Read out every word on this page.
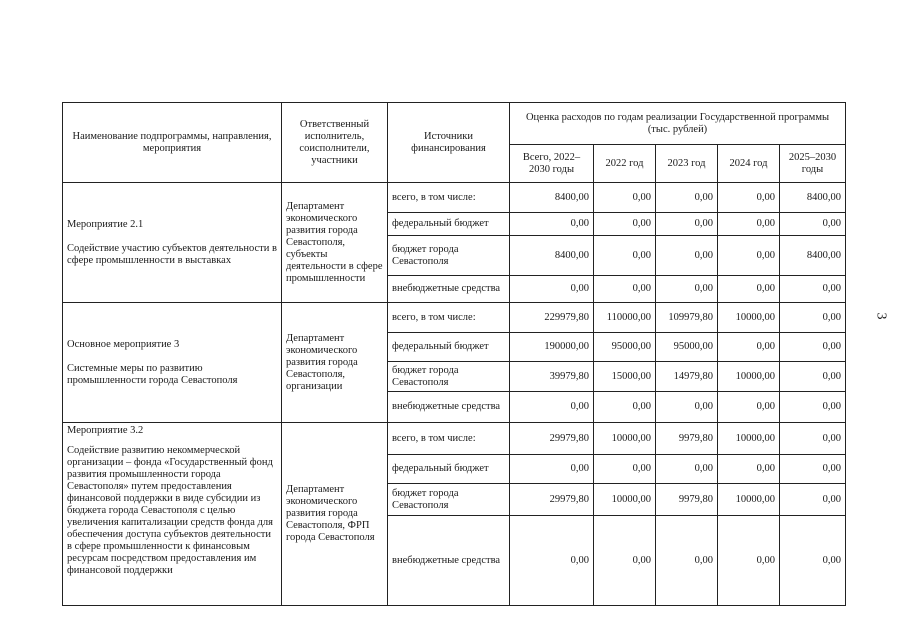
Наименование подпрограммы, направления, мероприятия	Ответственный исполнитель, соисполнители, участники	Источники финансирования	Оценка расходов по годам реализации Государственной программы (тыс. рублей)				
			Всего, 2022–2030 годы	2022 год	2023 год	2024 год	2025–2030 годы

Мероприятие 2.1
Содействие участию субъектов деятельности в сфере промышленности в выставках	Департамент экономического развития города Севастополя, субъекты деятельности в сфере промышленности	всего, в том числе:	8400,00	0,00	0,00	0,00	8400,00
		федеральный бюджет	0,00	0,00	0,00	0,00	0,00
		бюджет города Севастополя	8400,00	0,00	0,00	0,00	8400,00
		внебюджетные средства	0,00	0,00	0,00	0,00	0,00

Основное мероприятие 3
Системные меры по развитию промышленности города Севастополя	Департамент экономического развития города Севастополя, организации	всего, в том числе:	229979,80	110000,00	109979,80	10000,00	0,00
		федеральный бюджет	190000,00	95000,00	95000,00	0,00	0,00
		бюджет города Севастополя	39979,80	15000,00	14979,80	10000,00	0,00
		внебюджетные средства	0,00	0,00	0,00	0,00	0,00

Мероприятие 3.2
Содействие развитию некоммерческой организации – фонда «Государственный фонд развития промышленности города Севастополя» путем предоставления финансовой поддержки в виде субсидии из бюджета города Севастополя с целью увеличения капитализации средств фонда для обеспечения доступа субъектов деятельности в сфере промышленности к финансовым ресурсам посредством предоставления им финансовой поддержки	Департамент экономического развития города Севастополя, ФРП города Севастополя	всего, в том числе:	29979,80	10000,00	9979,80	10000,00	0,00
		федеральный бюджет	0,00	0,00	0,00	0,00	0,00
		бюджет города Севастополя	29979,80	10000,00	9979,80	10000,00	0,00
		внебюджетные средства	0,00	0,00	0,00	0,00	0,00
3
